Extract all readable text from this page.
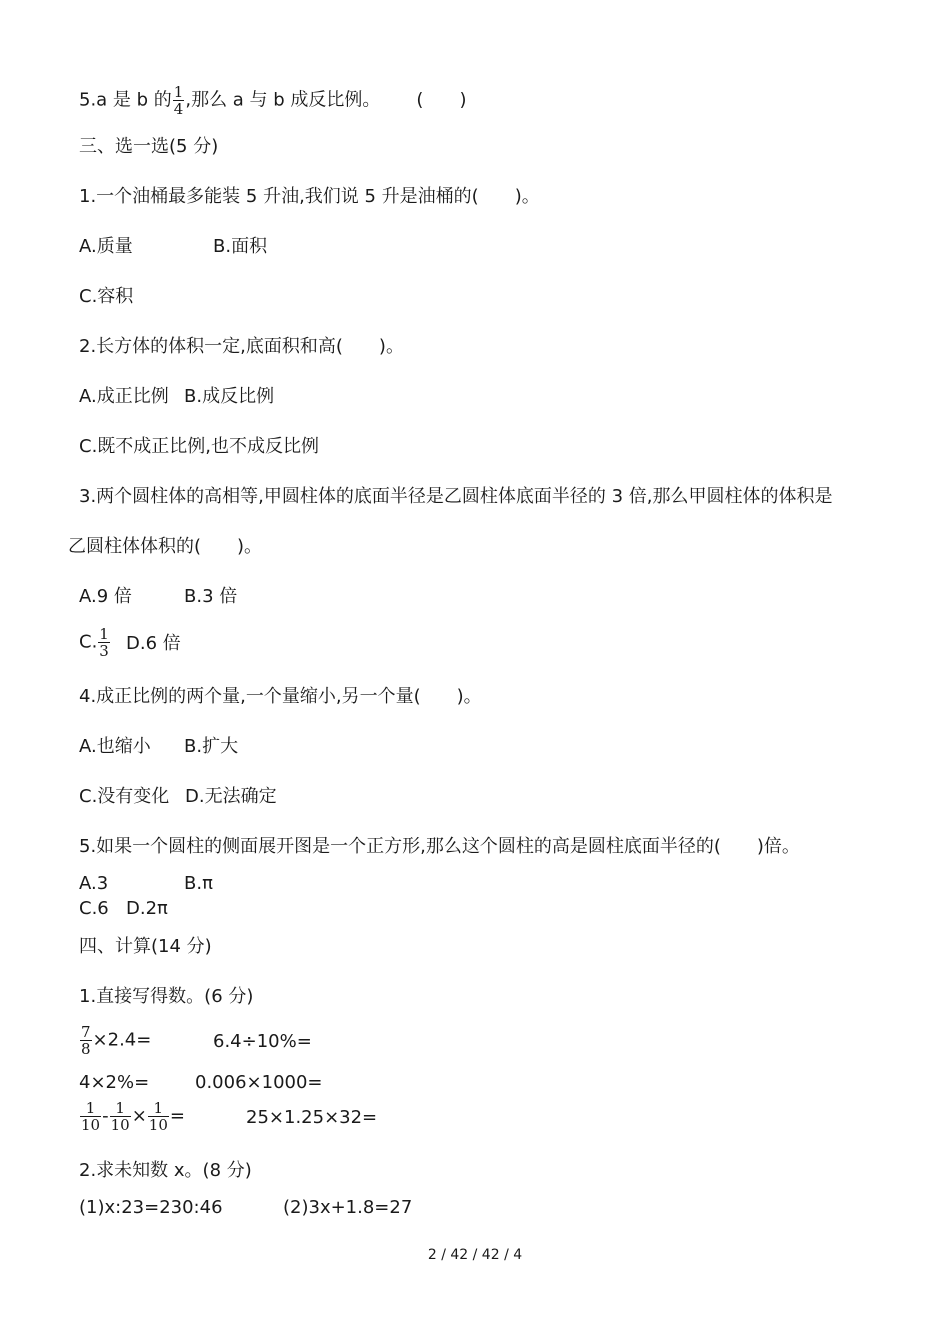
5.a 是 b 的 $\frac{1}{4}$ ,那么 a 与 b 成反比例。 (　　)
三、选一选(5 分)
1.一个油桶最多能装 5 升油,我们说 5 升是油桶的(　　)。
A.质量	B.面积
C.容积
2.长方体的体积一定,底面积和高(　　)。
A.成正比例 B.成反比例
C.既不成正比例,也不成反比例
3.两个圆柱体的高相等,甲圆柱体的底面半径是乙圆柱体底面半径的 3 倍,那么甲圆柱体的体积是
乙圆柱体体积的(　　)。
A.9 倍	B.3 倍
C. $\frac{1}{3} D.6$ 倍
4.成正比例的两个量,一个量缩小,另一个量(　　)。
A.也缩小 B.扩大
C.没有变化 D.无法确定
5.如果一个圆柱的侧面展开图是一个正方形,那么这个圆柱的高是圆柱底面半径的(　　)倍。
A.3	B.π
C.6 D.2π
四、计算(14 分)
1.直接写得数。(6 分)
$\frac{7}{8} \times 2.4=$	6.4÷10%=
4×2%=	0.006×1000=
$\frac{1}{10} - \frac{1}{10} \times \frac{1}{10}$ =	25×1.25×32=
2.求未知数 x。(8 分)
(1)x:23=230:46	(2)3x+1.8=27
2 / 42 / 42 / 4
